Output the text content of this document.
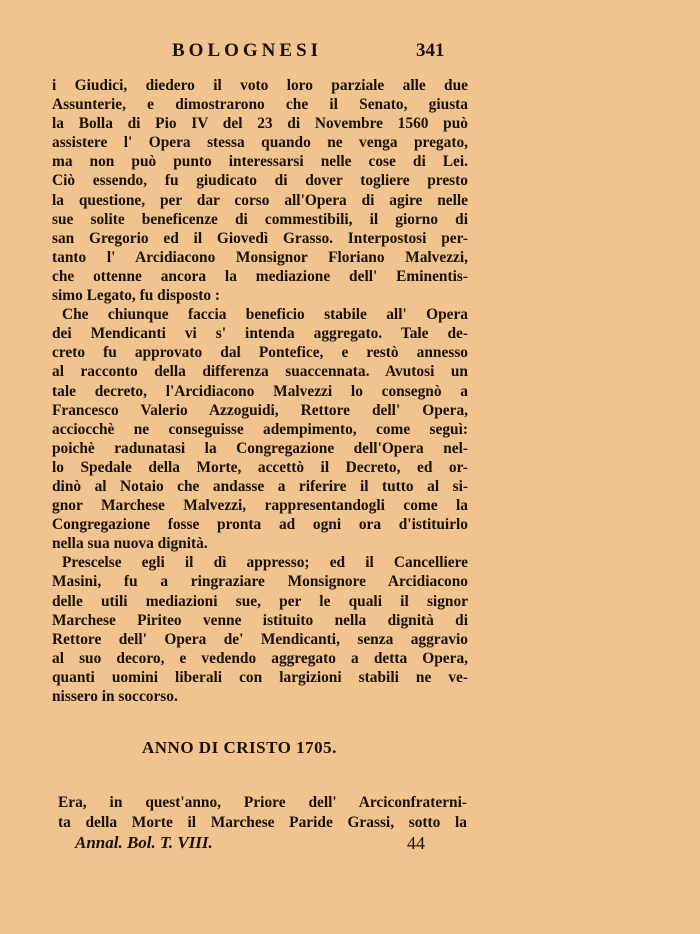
BOLOGNESI	341
i Giudici, diedero il voto loro parziale alle due
Assunterie, e dimostrarono che il Senato, giusta
la Bolla di Pio IV del 23 di Novembre 1560 può
assistere l' Opera stessa quando ne venga pregato,
ma non può punto interessarsi nelle cose di Lei.
Ciò essendo, fu giudicato di dover togliere presto
la questione, per dar corso all'Opera di agire nelle
sue solite beneficenze di commestibili, il giorno di
san Gregorio ed il Giovedì Grasso. Interpostosi per-
tanto l' Arcidiacono Monsignor Floriano Malvezzi,
che ottenne ancora la mediazione dell' Eminentis-
simo Legato, fu disposto :
Che chiunque faccia beneficio stabile all' Opera
dei Mendicanti vi s' intenda aggregato. Tale de-
creto fu approvato dal Pontefice, e restò annesso
al racconto della differenza suaccennata. Avutosi un
tale decreto, l'Arcidiacono Malvezzi lo consegnò a
Francesco Valerio Azzoguidi, Rettore dell' Opera,
acciocchè ne conseguisse adempimento, come seguì:
poichè radunatasi la Congregazione dell'Opera nel-
lo Spedale della Morte, accettò il Decreto, ed or-
dinò al Notaio che andasse a riferire il tutto al si-
gnor Marchese Malvezzi, rappresentandogli come la
Congregazione fosse pronta ad ogni ora d'istituirlo
nella sua nuova dignità.
Prescelse egli il dì appresso; ed il Cancelliere
Masini, fu a ringraziare Monsignore Arcidiacono
delle utili mediazioni sue, per le quali il signor
Marchese Piriteo venne istituito nella dignità di
Rettore dell' Opera de' Mendicanti, senza aggravio
al suo decoro, e vedendo aggregato a detta Opera,
quanti uomini liberali con largizioni stabili ne ve-
nissero in soccorso.
ANNO DI CRISTO 1705.
Era, in quest'anno, Priore dell' Arciconfraterni-
ta della Morte il Marchese Paride Grassi, sotto la
Annal. Bol. T. VIII.	44
